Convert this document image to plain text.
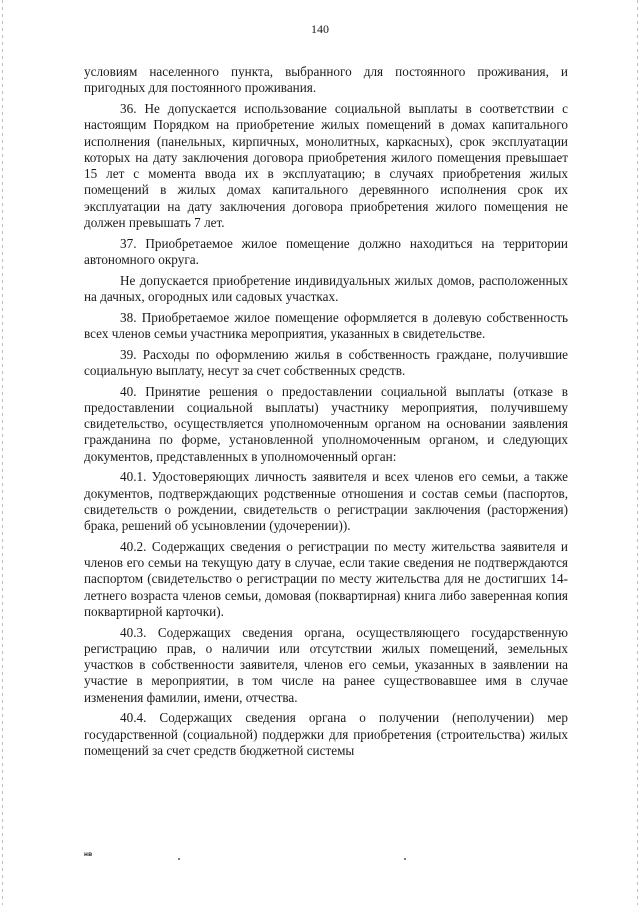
140

условиям населенного пункта, выбранного для постоянного проживания, и пригодных для постоянного проживания.

36. Не допускается использование социальной выплаты в соответствии с настоящим Порядком на приобретение жилых помещений в домах капитального исполнения (панельных, кирпичных, монолитных, каркасных), срок эксплуатации которых на дату заключения договора приобретения жилого помещения превышает 15 лет с момента ввода их в эксплуатацию; в случаях приобретения жилых помещений в жилых домах капитального деревянного исполнения срок их эксплуатации на дату заключения договора приобретения жилого помещения не должен превышать 7 лет.

37. Приобретаемое жилое помещение должно находиться на территории автономного округа.

Не допускается приобретение индивидуальных жилых домов, расположенных на дачных, огородных или садовых участках.

38. Приобретаемое жилое помещение оформляется в долевую собственность всех членов семьи участника мероприятия, указанных в свидетельстве.

39. Расходы по оформлению жилья в собственность граждане, получившие социальную выплату, несут за счет собственных средств.

40. Принятие решения о предоставлении социальной выплаты (отказе в предоставлении социальной выплаты) участнику мероприятия, получившему свидетельство, осуществляется уполномоченным органом на основании заявления гражданина по форме, установленной уполномоченным органом, и следующих документов, представленных в уполномоченный орган:

40.1. Удостоверяющих личность заявителя и всех членов его семьи, а также документов, подтверждающих родственные отношения и состав семьи (паспортов, свидетельств о рождении, свидетельств о регистрации заключения (расторжения) брака, решений об усыновлении (удочерении)).

40.2. Содержащих сведения о регистрации по месту жительства заявителя и членов его семьи на текущую дату в случае, если такие сведения не подтверждаются паспортом (свидетельство о регистрации по месту жительства для не достигших 14-летнего возраста членов семьи, домовая (поквартирная) книга либо заверенная копия поквартирной карточки).

40.3. Содержащих сведения органа, осуществляющего государственную регистрацию прав, о наличии или отсутствии жилых помещений, земельных участков в собственности заявителя, членов его семьи, указанных в заявлении на участие в мероприятии, в том числе на ранее существовавшее имя в случае изменения фамилии, имени, отчества.

40.4. Содержащих сведения органа о получении (неполучении) мер государственной (социальной) поддержки для приобретения (строительства) жилых помещений за счет средств бюджетной системы

нв
